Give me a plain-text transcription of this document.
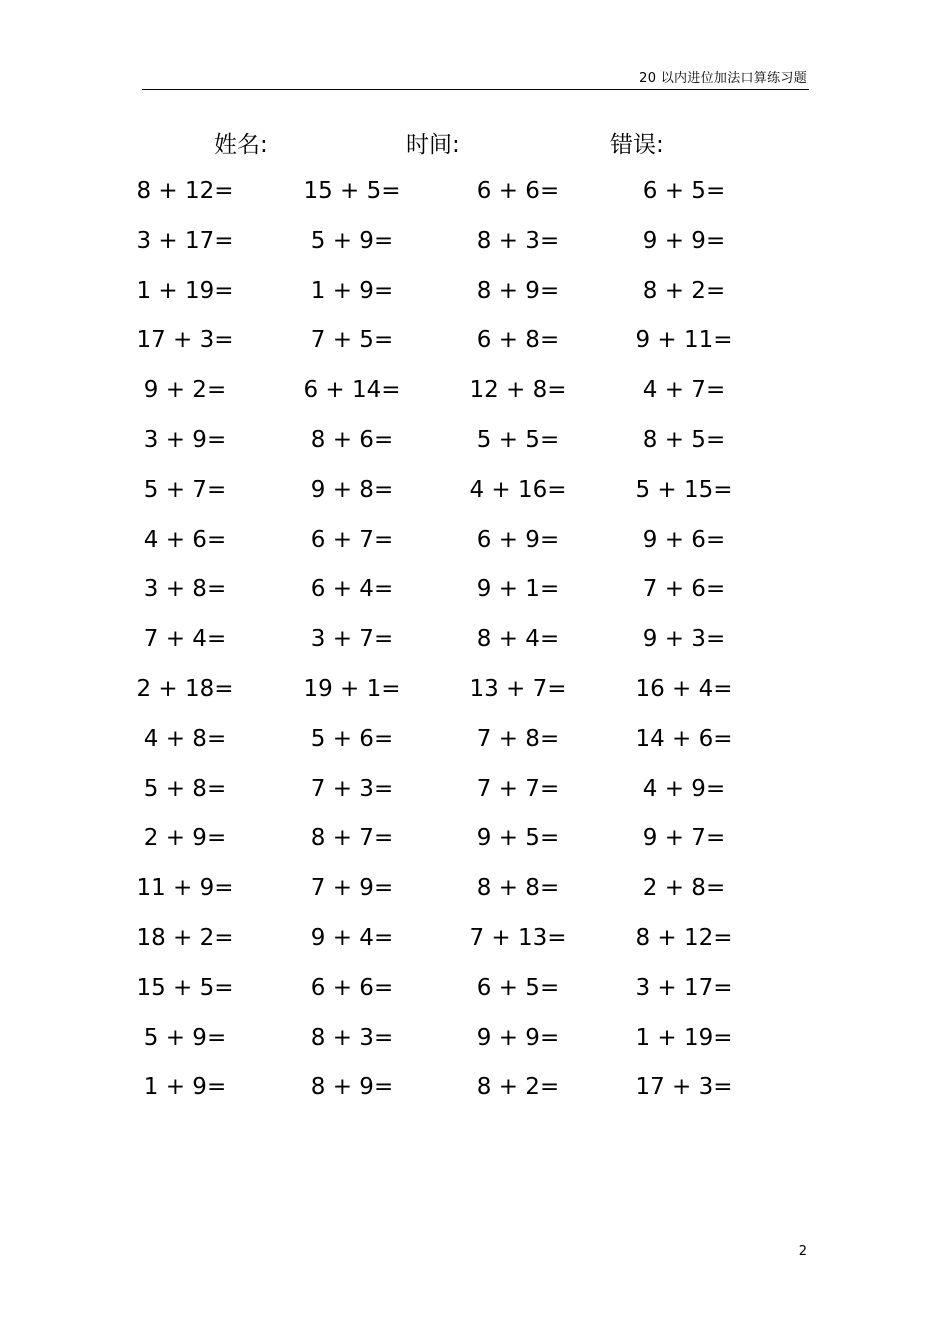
20 以内进位加法口算练习题
姓名:	时间:	错误:
8 + 12=	15 + 5=	6 + 6=	6 + 5=
3 + 17=	5 + 9=	8 + 3=	9 + 9=
1 + 19=	1 + 9=	8 + 9=	8 + 2=
17 + 3=	7 + 5=	6 + 8=	9 + 11=
9 + 2=	6 + 14=	12 + 8=	4 + 7=
3 + 9=	8 + 6=	5 + 5=	8 + 5=
5 + 7=	9 + 8=	4 + 16=	5 + 15=
4 + 6=	6 + 7=	6 + 9=	9 + 6=
3 + 8=	6 + 4=	9 + 1=	7 + 6=
7 + 4=	3 + 7=	8 + 4=	9 + 3=
2 + 18=	19 + 1=	13 + 7=	16 + 4=
4 + 8=	5 + 6=	7 + 8=	14 + 6=
5 + 8=	7 + 3=	7 + 7=	4 + 9=
2 + 9=	8 + 7=	9 + 5=	9 + 7=
11 + 9=	7 + 9=	8 + 8=	2 + 8=
18 + 2=	9 + 4=	7 + 13=	8 + 12=
15 + 5=	6 + 6=	6 + 5=	3 + 17=
5 + 9=	8 + 3=	9 + 9=	1 + 19=
1 + 9=	8 + 9=	8 + 2=	17 + 3=
2
